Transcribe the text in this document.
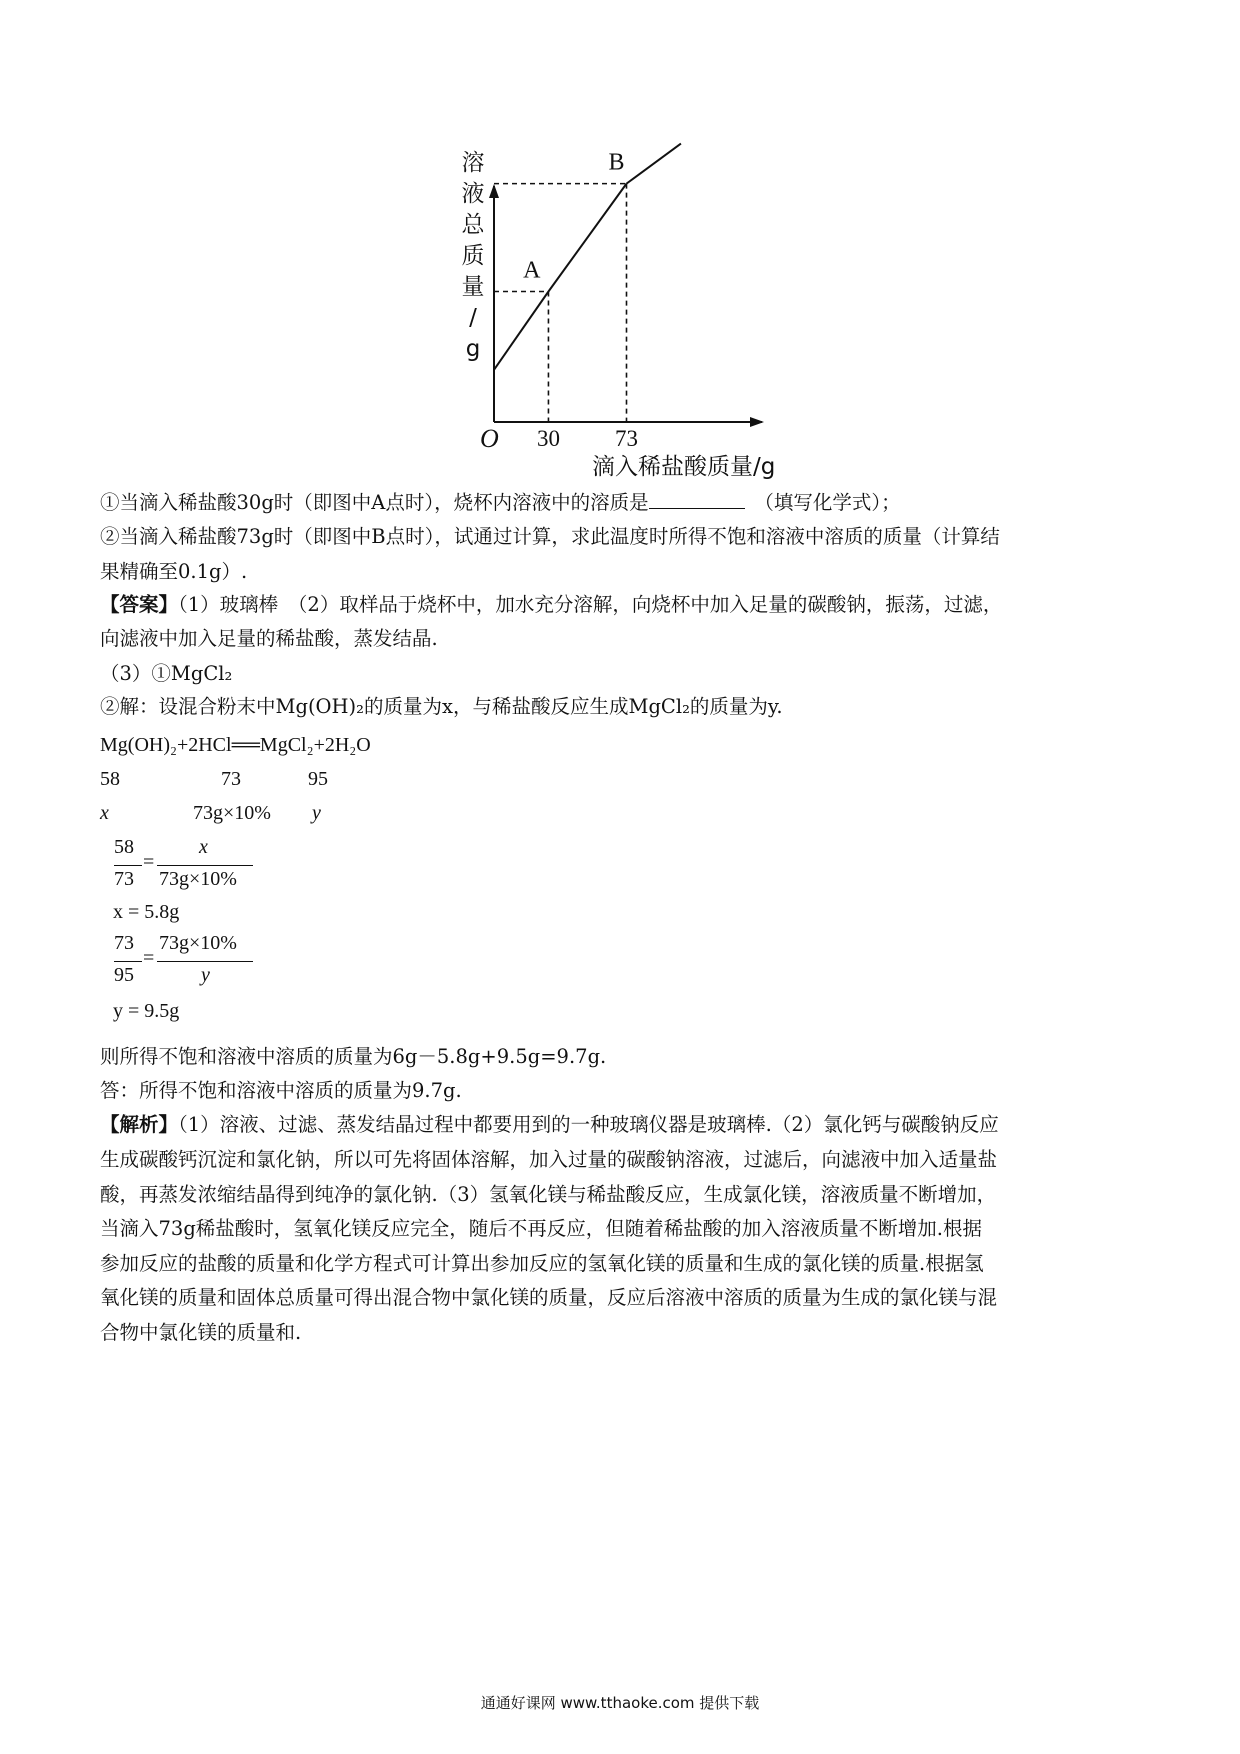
A
30
B
73
溶
液
总
质
量
/
g
O
滴入稀盐酸质量/g
①当滴入稀盐酸30g时（即图中A点时），烧杯内溶液中的溶质是　	（填写化学式）；
②当滴入稀盐酸73g时（即图中B点时），试通过计算，求此温度时所得不饱和溶液中溶质的质量（计算结
果精确至0.1g）.
【答案】（1）玻璃棒　（2）取样品于烧杯中，加水充分溶解，向烧杯中加入足量的碳酸钠，振荡，过滤，
向滤液中加入足量的稀盐酸，蒸发结晶.
（3）①MgCl₂
②解：设混合粉末中Mg(OH)₂的质量为x，与稀盐酸反应生成MgCl₂的质量为y.
Mg(OH)₂+2HCl══MgCl₂+2H₂O
58	73	95
x	73g×10% y
58
73
=
x
73g×10%
x = 5.8g
73
95
=
73g×10%
y
y = 9.5g
则所得不饱和溶液中溶质的质量为6g－5.8g+9.5g=9.7g.
答：所得不饱和溶液中溶质的质量为9.7g.
【解析】（1）溶液、过滤、蒸发结晶过程中都要用到的一种玻璃仪器是玻璃棒.（2）氯化钙与碳酸钠反应
生成碳酸钙沉淀和氯化钠，所以可先将固体溶解，加入过量的碳酸钠溶液，过滤后，向滤液中加入适量盐
酸，再蒸发浓缩结晶得到纯净的氯化钠.（3）氢氧化镁与稀盐酸反应，生成氯化镁，溶液质量不断增加，
当滴入73g稀盐酸时，氢氧化镁反应完全，随后不再反应，但随着稀盐酸的加入溶液质量不断增加.根据
参加反应的盐酸的质量和化学方程式可计算出参加反应的氢氧化镁的质量和生成的氯化镁的质量.根据氢
氧化镁的质量和固体总质量可得出混合物中氯化镁的质量，反应后溶液中溶质的质量为生成的氯化镁与混
合物中氯化镁的质量和.
通通好课网 www.tthaoke.com 提供下载
